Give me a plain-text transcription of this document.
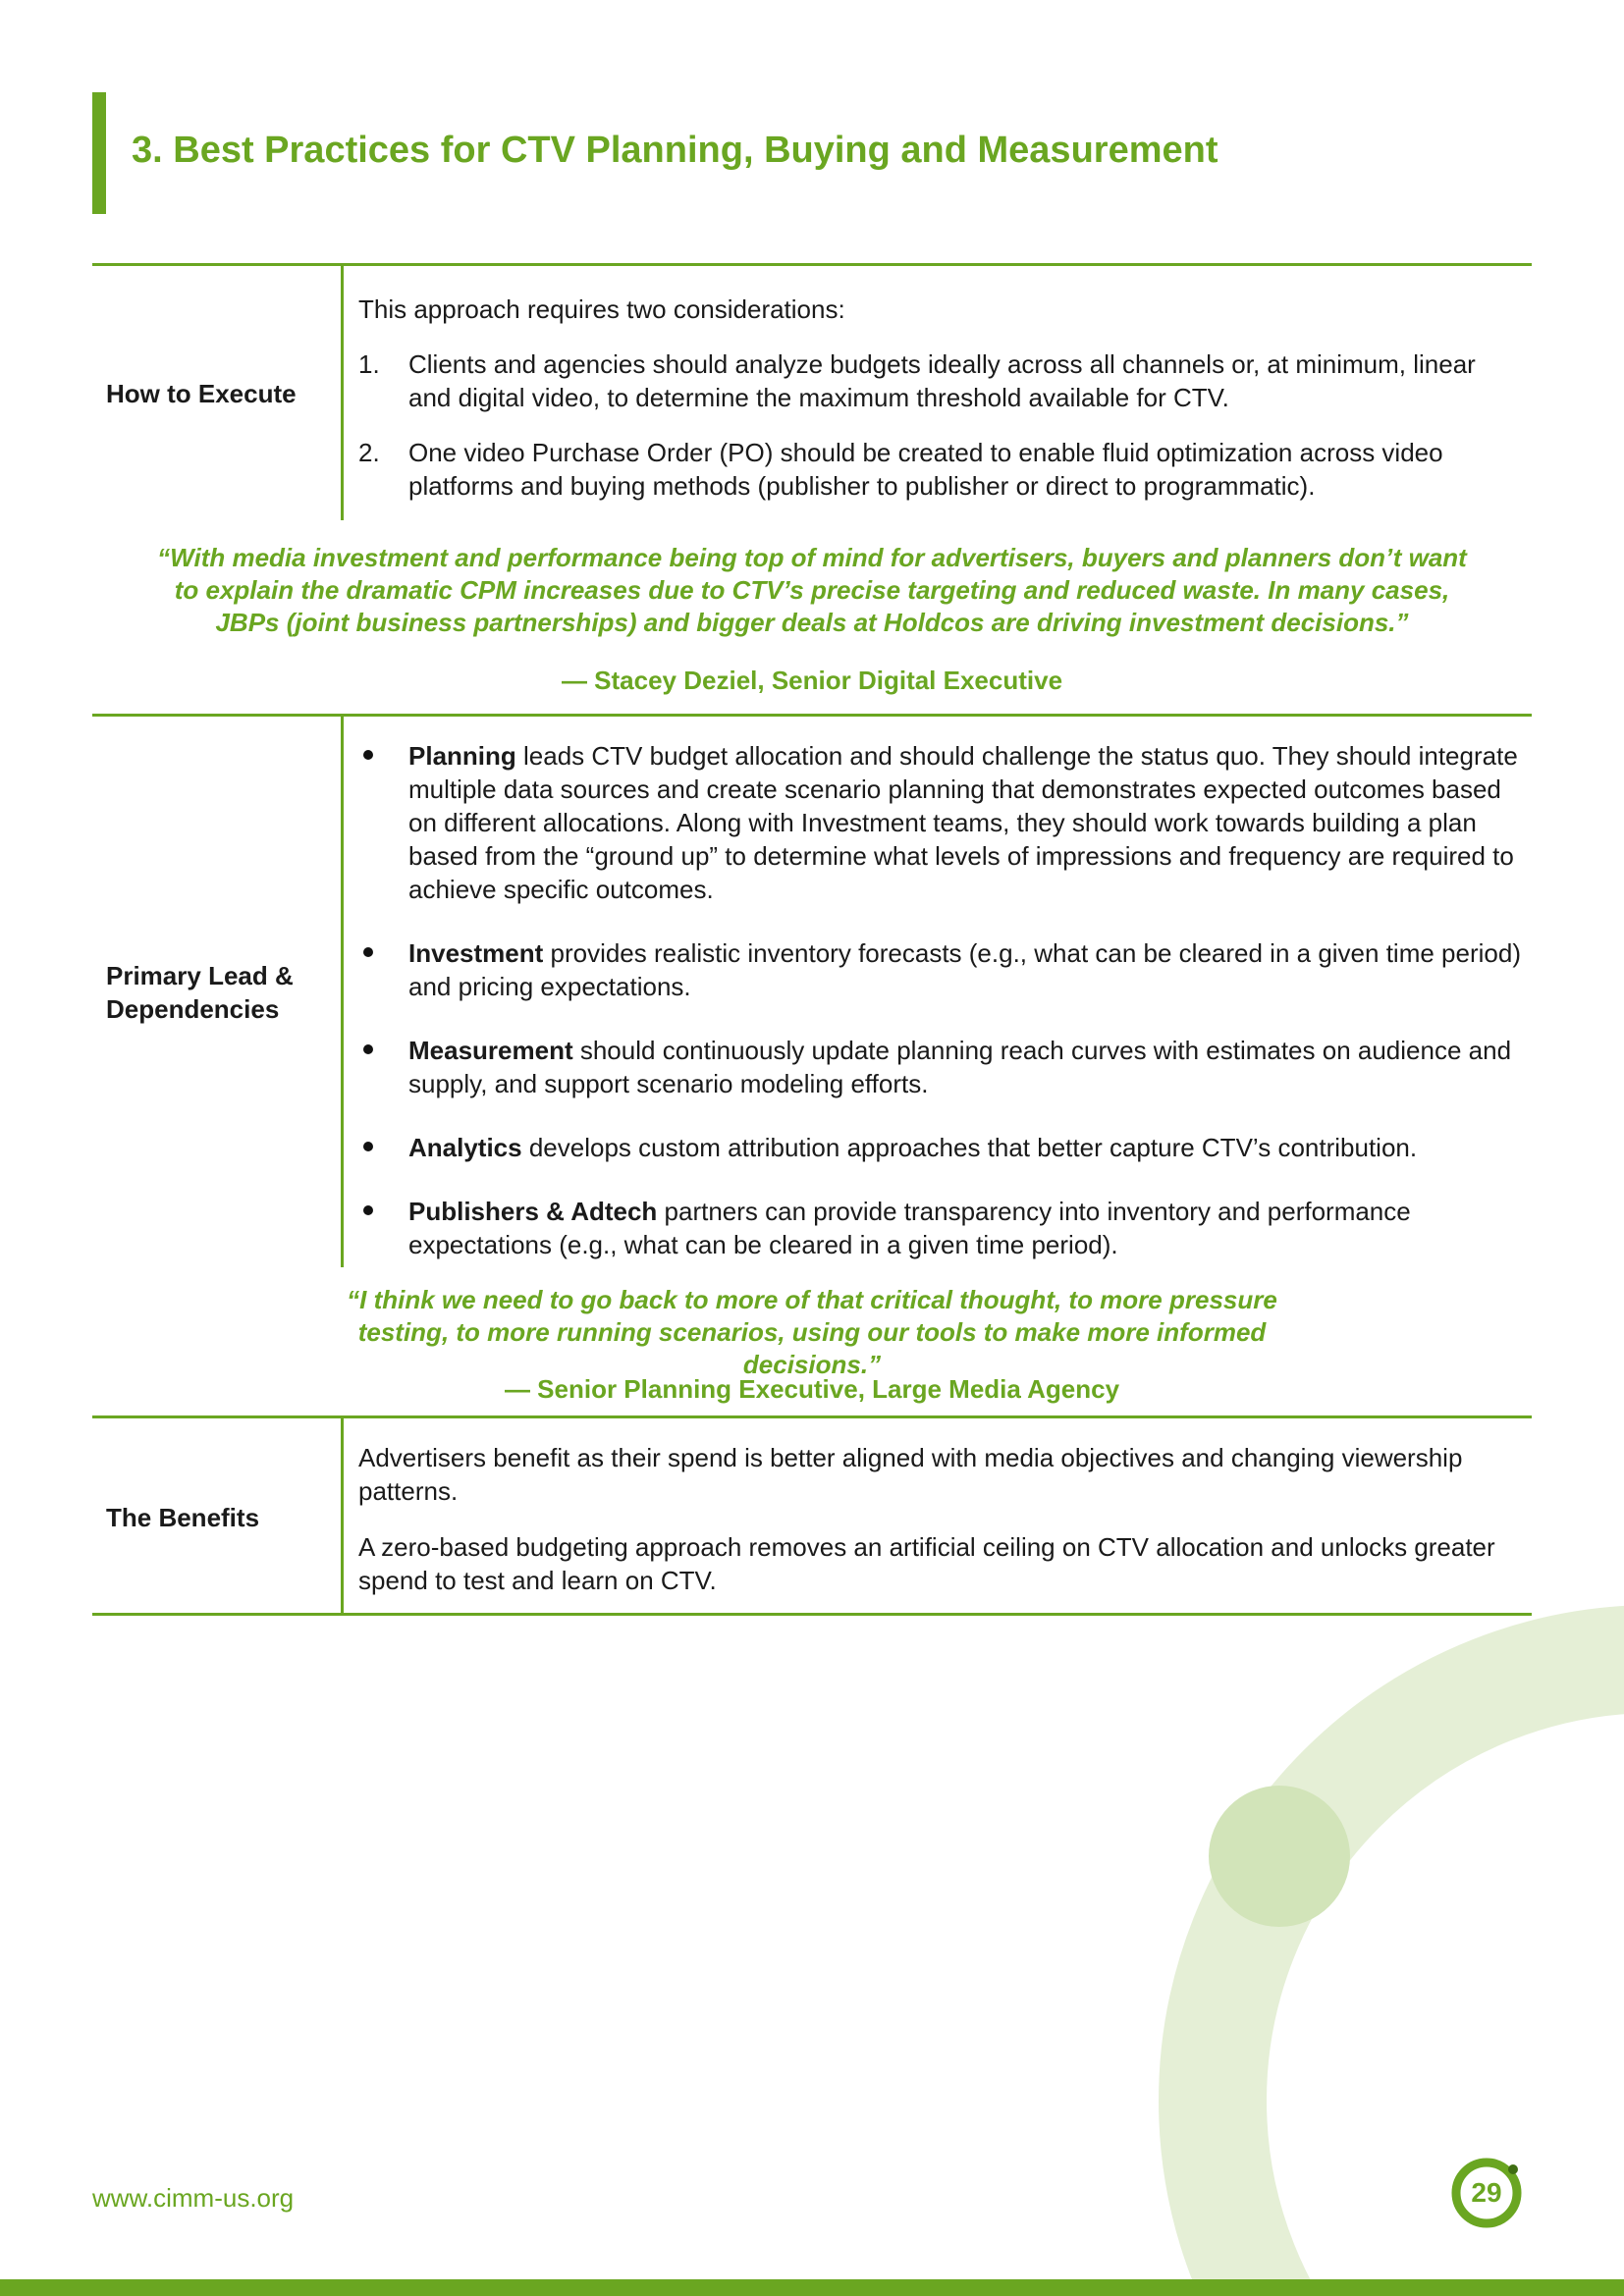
3. Best Practices for CTV Planning, Buying and Measurement
How to Execute

This approach requires two considerations:

1. Clients and agencies should analyze budgets ideally across all channels or, at minimum, linear and digital video, to determine the maximum threshold available for CTV.
2. One video Purchase Order (PO) should be created to enable fluid optimization across video platforms and buying methods (publisher to publisher or direct to programmatic).
“With media investment and performance being top of mind for advertisers, buyers and planners don’t want to explain the dramatic CPM increases due to CTV’s precise targeting and reduced waste. In many cases, JBPs (joint business partnerships) and bigger deals at Holdcos are driving investment decisions.”
— Stacey Deziel, Senior Digital Executive
Primary Lead & Dependencies
Planning leads CTV budget allocation and should challenge the status quo. They should integrate multiple data sources and create scenario planning that demonstrates expected outcomes based on different allocations. Along with Investment teams, they should work towards building a plan based from the “ground up” to determine what levels of impressions and frequency are required to achieve specific outcomes.
Investment provides realistic inventory forecasts (e.g., what can be cleared in a given time period) and pricing expectations.
Measurement should continuously update planning reach curves with estimates on audience and supply, and support scenario modeling efforts.
Analytics develops custom attribution approaches that better capture CTV’s contribution.
Publishers & Adtech partners can provide transparency into inventory and performance expectations (e.g., what can be cleared in a given time period).
“I think we need to go back to more of that critical thought, to more pressure testing, to more running scenarios, using our tools to make more informed decisions.”
— Senior Planning Executive, Large Media Agency
The Benefits

Advertisers benefit as their spend is better aligned with media objectives and changing viewership patterns.

A zero-based budgeting approach removes an artificial ceiling on CTV allocation and unlocks greater spend to test and learn on CTV.

www.cimm-us.org	29
